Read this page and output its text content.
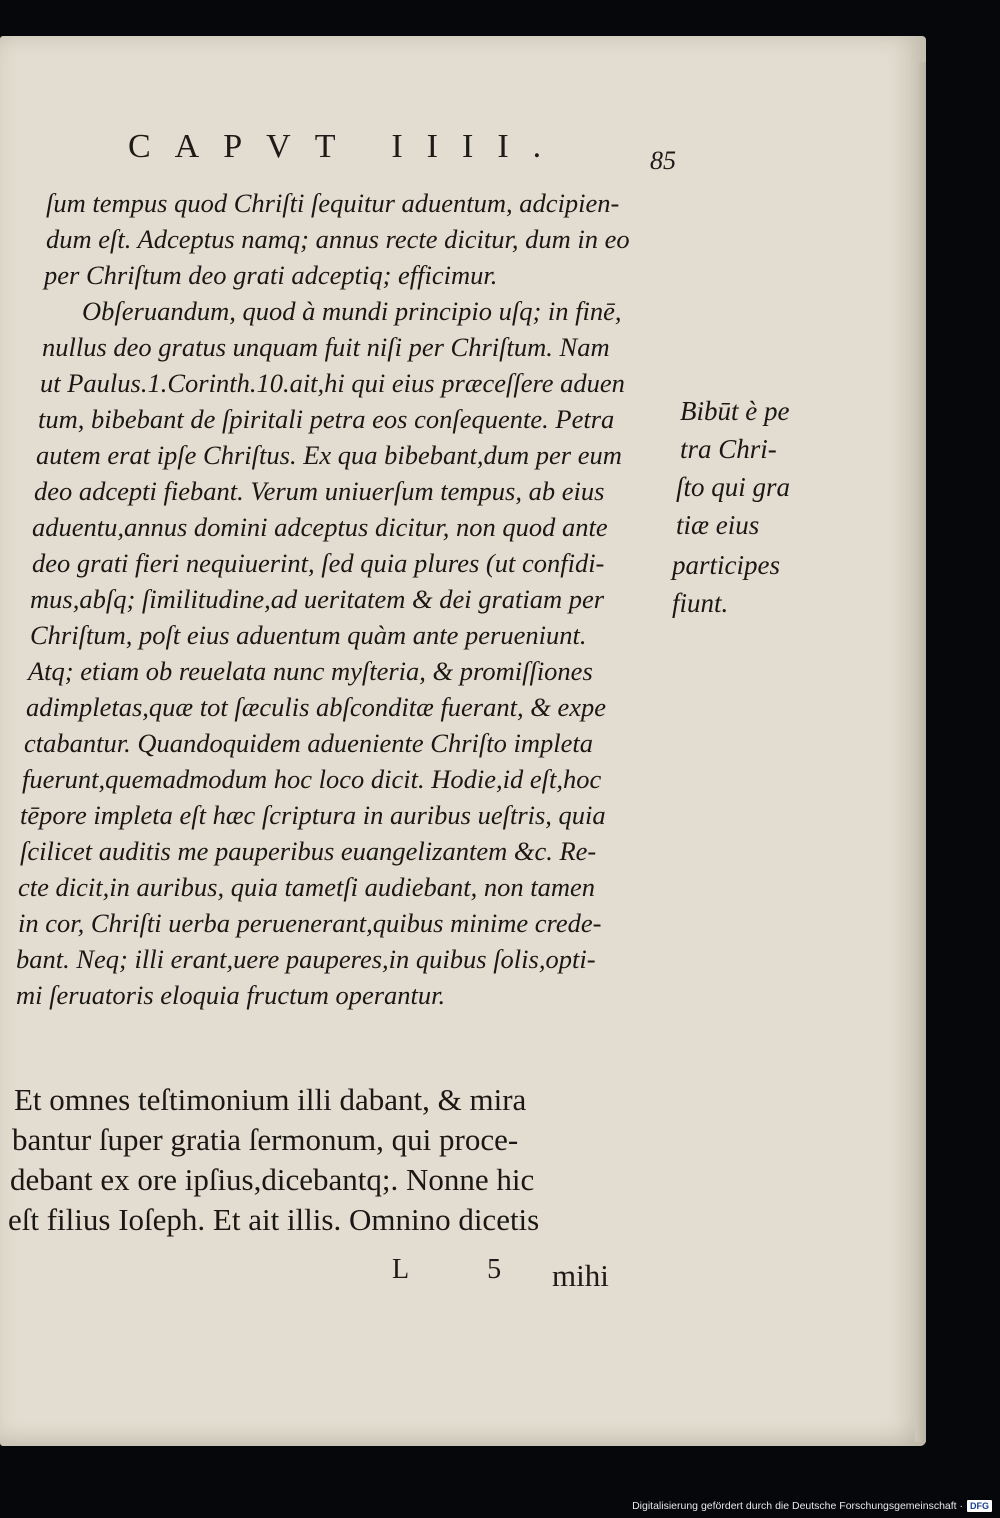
CAPVT IIII.	85
ſum tempus quod Chriſti ſequitur aduentum, adcipien-
dum eſt. Adceptus namq; annus recte dicitur, dum in eo
per Chriſtum deo grati adceptiq; efficimur.
Obſeruandum, quod à mundi principio uſq; in finē,
nullus deo gratus unquam fuit niſi per Chriſtum. Nam
ut Paulus.1.Corinth.10.ait,hi qui eius præceſſere aduen
tum, bibebant de ſpiritali petra eos conſequente. Petra
autem erat ipſe Chriſtus. Ex qua bibebant,dum per eum
deo adcepti fiebant. Verum uniuerſum tempus, ab eius
aduentu,annus domini adceptus dicitur, non quod ante
deo grati fieri nequiuerint, ſed quia plures (ut confidi-
mus,abſq; ſimilitudine,ad ueritatem & dei gratiam per
Chriſtum, poſt eius aduentum quàm ante perueniunt.
Atq; etiam ob reuelata nunc myſteria, & promiſſiones
adimpletas,quæ tot ſæculis abſconditæ fuerant, & expe
ctabantur. Quandoquidem adueniente Chriſto impleta
fuerunt,quemadmodum hoc loco dicit. Hodie,id eſt,hoc
tēpore impleta eſt hæc ſcriptura in auribus ueſtris, quia
ſcilicet auditis me pauperibus euangelizantem &c. Re-
cte dicit,in auribus, quia tametſi audiebant, non tamen
in cor, Chriſti uerba peruenerant,quibus minime crede-
bant. Neq; illi erant,uere pauperes,in quibus ſolis,opti-
mi ſeruatoris eloquia fructum operantur.
Et omnes teſtimonium illi dabant, & mira
bantur ſuper gratia ſermonum, qui proce-
debant ex ore ipſius,dicebantq;. Nonne hic
eſt filius Ioſeph. Et ait illis. Omnino dicetis
Bibūt è pe
tra Chri-
ſto qui gra
tiæ eius
participes
fiunt.
L 5 mihi
Digitalisierung gefördert durch die Deutsche Forschungsgemeinschaft · DFG
